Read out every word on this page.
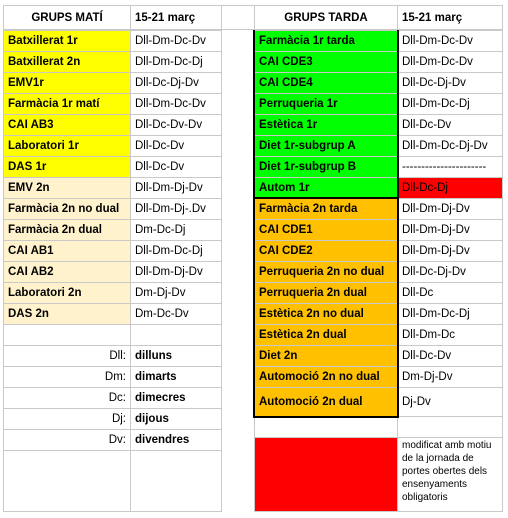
GRUPS MATÍ	15-21 març	GRUPS TARDA	15-21 març
Batxillerat 1r	Dll-Dm-Dc-Dv
Batxillerat 2n	Dll-Dm-Dc-Dj
EMV1r	Dll-Dc-Dj-Dv
Farmàcia 1r matí	Dll-Dm-Dc-Dv
CAI AB3	Dll-Dc-Dv-Dv
Laboratori 1r	Dll-Dc-Dv
DAS 1r	Dll-Dc-Dv
EMV 2n	Dll-Dm-Dj-Dv
Farmàcia 2n no dual	Dll-Dm-Dj-.Dv
Farmàcia 2n dual	Dm-Dc-Dj
CAI AB1	Dll-Dm-Dc-Dj
CAI AB2	Dll-Dm-Dj-Dv
Laboratori 2n	Dm-Dj-Dv
DAS 2n	Dm-Dc-Dv
Dll: dilluns
Dm: dimarts
Dc: dimecres
Dj: dijous
Dv: divendres
Farmàcia 1r tarda	Dll-Dm-Dc-Dv
CAI CDE3	Dll-Dm-Dc-Dv
CAI CDE4	Dll-Dc-Dj-Dv
Perruqueria 1r	Dll-Dm-Dc-Dj
Estètica 1r	Dll-Dc-Dv
Diet 1r-subgrup A	Dll-Dm-Dc-Dj-Dv
Diet 1r-subgrup B	----------------------
Autom 1r	Dll-Dc-Dj
Farmàcia 2n tarda	Dll-Dm-Dj-Dv
CAI CDE1	Dll-Dm-Dj-Dv
CAI CDE2	Dll-Dm-Dj-Dv
Perruqueria 2n no dual	Dll-Dc-Dj-Dv
Perruqueria 2n dual	Dll-Dc
Estètica 2n no dual	Dll-Dm-Dc-Dj
Estètica 2n dual	Dll-Dm-Dc
Diet 2n	Dll-Dc-Dv
Automoció 2n no dual	Dm-Dj-Dv
Automoció 2n dual	Dj-Dv
modificat amb motiu de la jornada de portes obertes dels ensenyaments obligatoris
